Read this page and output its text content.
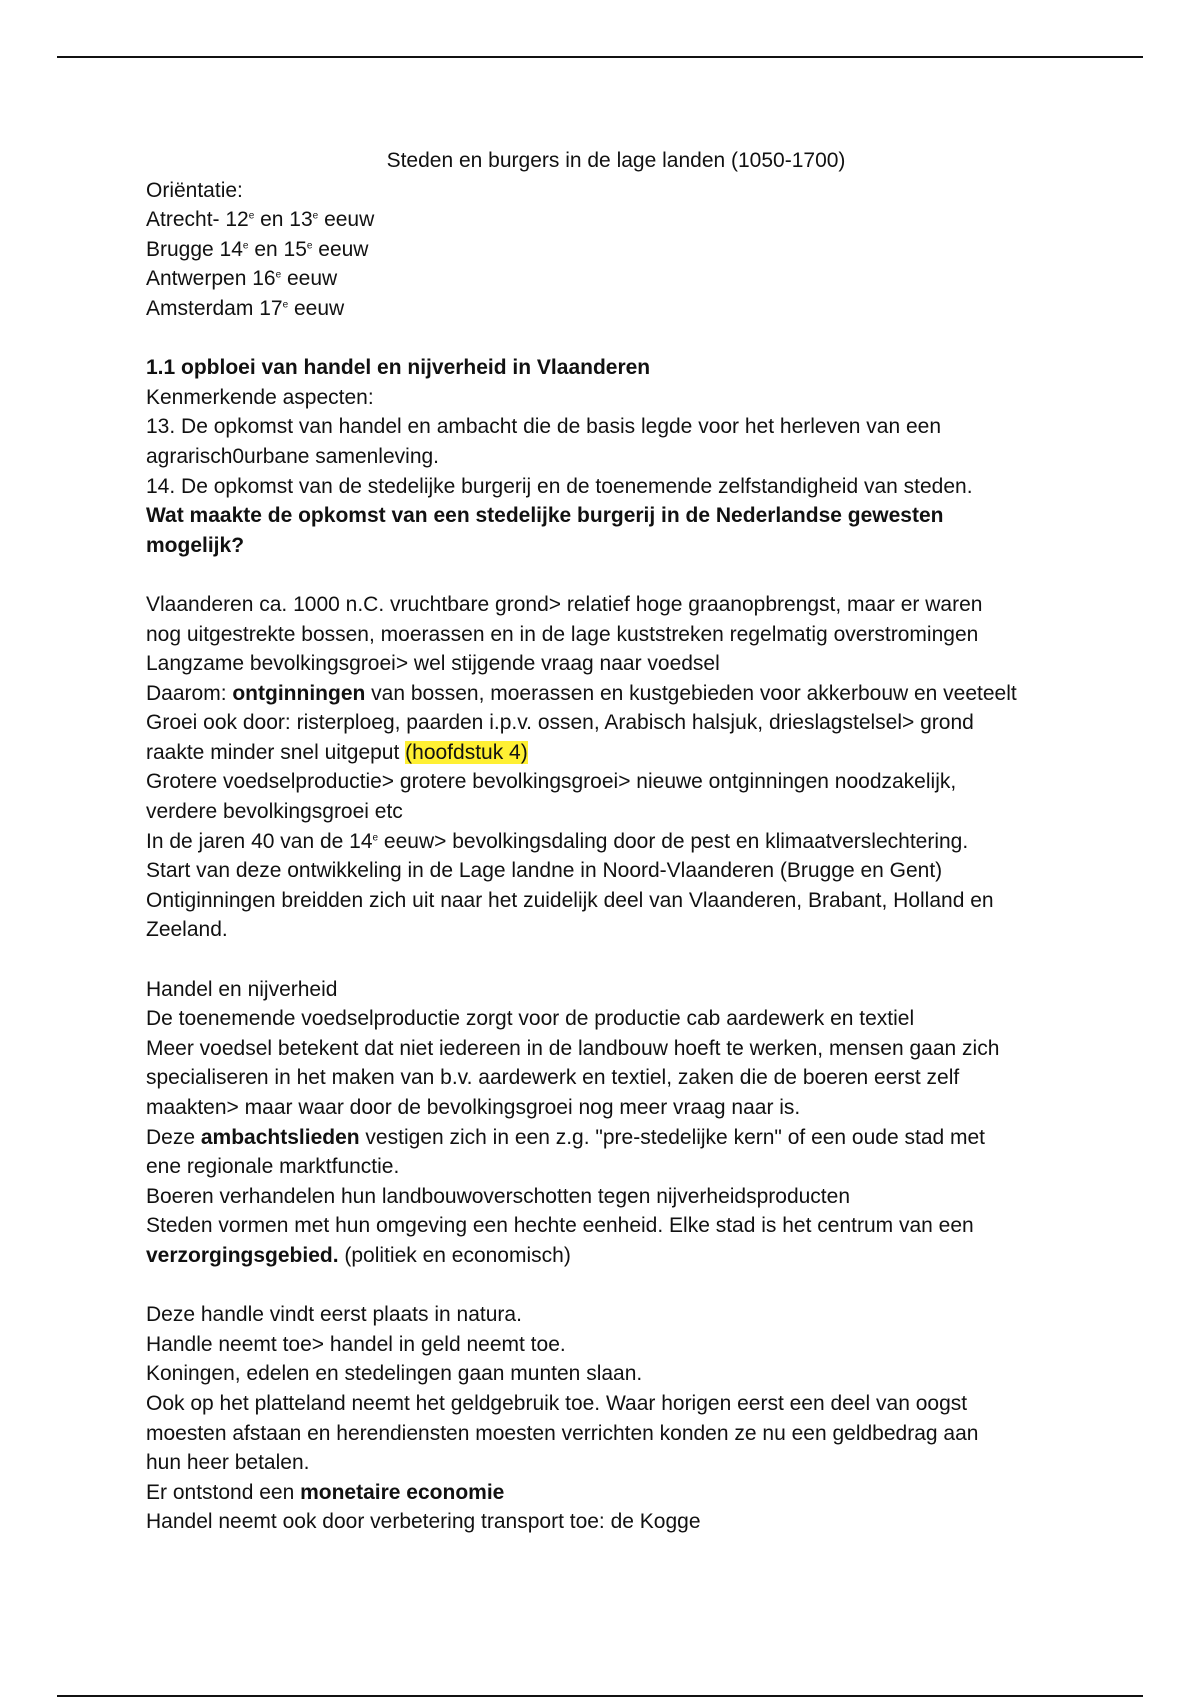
Steden en burgers in de lage landen (1050-1700)
Oriëntatie:
Atrecht- 12e en 13e eeuw
Brugge 14e en 15e eeuw
Antwerpen 16e eeuw
Amsterdam 17e eeuw
1.1 opbloei van handel en nijverheid in Vlaanderen
Kenmerkende aspecten:
13. De opkomst van handel en ambacht die de basis legde voor het herleven van een
agrarisch0urbane samenleving.
14. De opkomst van de stedelijke burgerij en de toenemende zelfstandigheid van steden.
Wat maakte de opkomst van een stedelijke burgerij in de Nederlandse gewesten
mogelijk?
Vlaanderen ca. 1000 n.C. vruchtbare grond> relatief hoge graanopbrengst, maar er waren
nog uitgestrekte bossen, moerassen en in de lage kuststreken regelmatig overstromingen
Langzame bevolkingsgroei> wel stijgende vraag naar voedsel
Daarom: ontginningen van bossen, moerassen en kustgebieden voor akkerbouw en veeteelt
Groei ook door: risterploeg, paarden i.p.v. ossen, Arabisch halsjuk, drieslagstelsel> grond
raakte minder snel uitgeput (hoofdstuk 4)
Grotere voedselproductie> grotere bevolkingsgroei> nieuwe ontginningen noodzakelijk,
verdere bevolkingsgroei etc
In de jaren 40 van de 14e eeuw> bevolkingsdaling door de pest en klimaatverslechtering.
Start van deze ontwikkeling in de Lage landne in Noord-Vlaanderen (Brugge en Gent)
Ontiginningen breidden zich uit naar het zuidelijk deel van Vlaanderen, Brabant, Holland en
Zeeland.
Handel en nijverheid
De toenemende voedselproductie zorgt voor de productie cab aardewerk en textiel
Meer voedsel betekent dat niet iedereen in de landbouw hoeft te werken, mensen gaan zich
specialiseren in het maken van b.v. aardewerk en textiel, zaken die de boeren eerst zelf
maakten> maar waar door de bevolkingsgroei nog meer vraag naar is.
Deze ambachtslieden vestigen zich in een z.g. "pre-stedelijke kern" of een oude stad met
ene regionale marktfunctie.
Boeren verhandelen hun landbouwoverschotten tegen nijverheidsproducten
Steden vormen met hun omgeving een hechte eenheid. Elke stad is het centrum van een
verzorgingsgebied. (politiek en economisch)
Deze handle vindt eerst plaats in natura.
Handle neemt toe> handel in geld neemt toe.
Koningen, edelen en stedelingen gaan munten slaan.
Ook op het platteland neemt het geldgebruik toe. Waar horigen eerst een deel van oogst
moesten afstaan en herendiensten moesten verrichten konden ze nu een geldbedrag aan
hun heer betalen.
Er ontstond een monetaire economie
Handel neemt ook door verbetering transport toe: de Kogge
